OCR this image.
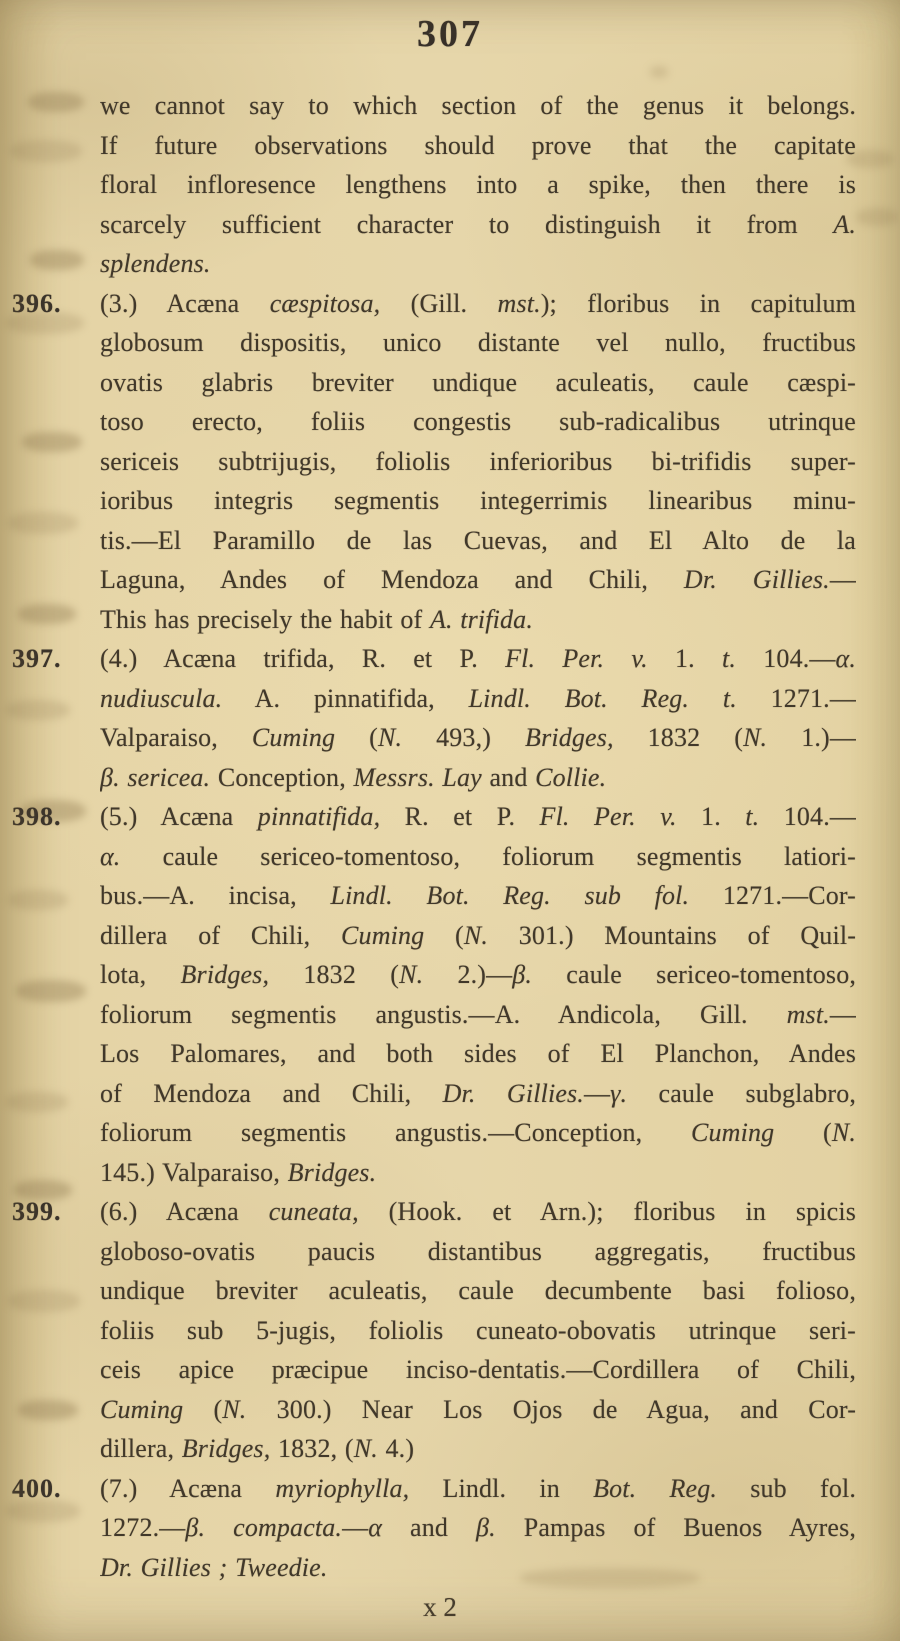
307
we cannot say to which section of the genus it belongs.
If future observations should prove that the capitate
floral infloresence lengthens into a spike, then there is
scarcely sufficient character to distinguish it from A.
splendens.
396. (3.) Acæna cæspitosa, (Gill. mst.); floribus in capitulum
globosum dispositis, unico distante vel nullo, fructibus
ovatis glabris breviter undique aculeatis, caule cæspi-
toso erecto, foliis congestis sub-radicalibus utrinque
sericeis subtrijugis, foliolis inferioribus bi-trifidis super-
ioribus integris segmentis integerrimis linearibus minu-
tis.—El Paramillo de las Cuevas, and El Alto de la
Laguna, Andes of Mendoza and Chili, Dr. Gillies.—
This has precisely the habit of A. trifida.
397. (4.) Acæna trifida, R. et P. Fl. Per. v. 1. t. 104.—α.
nudiuscula. A. pinnatifida, Lindl. Bot. Reg. t. 1271.—
Valparaiso, Cuming (N. 493,) Bridges, 1832 (N. 1.)—
β. sericea. Conception, Messrs. Lay and Collie.
398. (5.) Acæna pinnatifida, R. et P. Fl. Per. v. 1. t. 104.—
α. caule sericeo-tomentoso, foliorum segmentis latiori-
bus.—A. incisa, Lindl. Bot. Reg. sub fol. 1271.—Cor-
dillera of Chili, Cuming (N. 301.) Mountains of Quil-
lota, Bridges, 1832 (N. 2.)—β. caule sericeo-tomentoso,
foliorum segmentis angustis.—A. Andicola, Gill. mst.—
Los Palomares, and both sides of El Planchon, Andes
of Mendoza and Chili, Dr. Gillies.—γ. caule subglabro,
foliorum segmentis angustis.—Conception, Cuming (N.
145.) Valparaiso, Bridges.
399. (6.) Acæna cuneata, (Hook. et Arn.); floribus in spicis
globoso-ovatis paucis distantibus aggregatis, fructibus
undique breviter aculeatis, caule decumbente basi folioso,
foliis sub 5-jugis, foliolis cuneato-obovatis utrinque seri-
ceis apice præcipue inciso-dentatis.—Cordillera of Chili,
Cuming (N. 300.) Near Los Ojos de Agua, and Cor-
dillera, Bridges, 1832, (N. 4.)
400. (7.) Acæna myriophylla, Lindl. in Bot. Reg. sub fol.
1272.—β. compacta.—α and β. Pampas of Buenos Ayres,
Dr. Gillies ; Tweedie.
x 2
